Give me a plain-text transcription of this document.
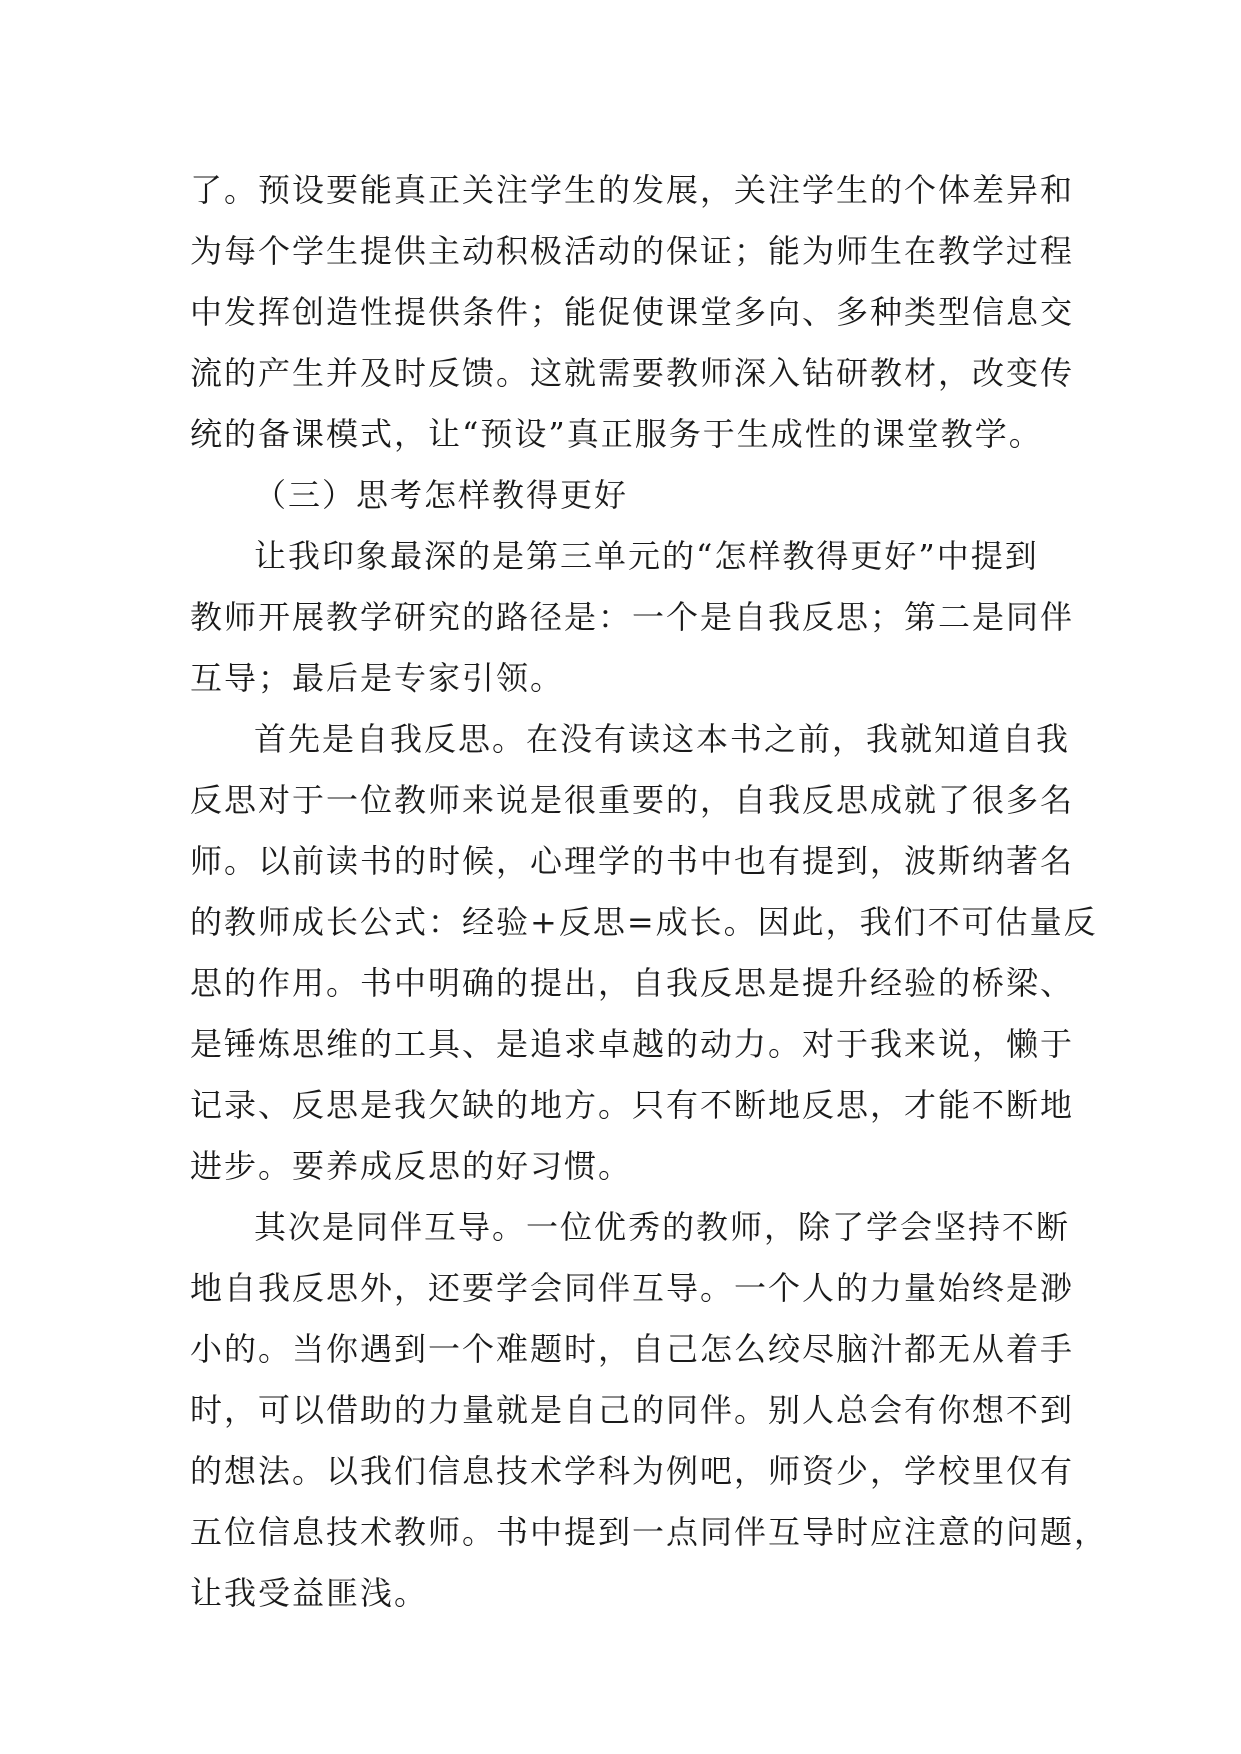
了。预设要能真正关注学生的发展，关注学生的个体差异和
为每个学生提供主动积极活动的保证；能为师生在教学过程
中发挥创造性提供条件；能促使课堂多向、多种类型信息交
流的产生并及时反馈。这就需要教师深入钻研教材，改变传
统的备课模式，让“预设”真正服务于生成性的课堂教学。
（三）思考怎样教得更好
让我印象最深的是第三单元的“怎样教得更好”中提到
教师开展教学研究的路径是：一个是自我反思；第二是同伴
互导；最后是专家引领。
首先是自我反思。在没有读这本书之前，我就知道自我
反思对于一位教师来说是很重要的，自我反思成就了很多名
师。以前读书的时候，心理学的书中也有提到，波斯纳著名
的教师成长公式：经验+反思=成长。因此，我们不可估量反
思的作用。书中明确的提出，自我反思是提升经验的桥梁、
是锤炼思维的工具、是追求卓越的动力。对于我来说，懒于
记录、反思是我欠缺的地方。只有不断地反思，才能不断地
进步。要养成反思的好习惯。
其次是同伴互导。一位优秀的教师，除了学会坚持不断
地自我反思外，还要学会同伴互导。一个人的力量始终是渺
小的。当你遇到一个难题时，自己怎么绞尽脑汁都无从着手
时，可以借助的力量就是自己的同伴。别人总会有你想不到
的想法。以我们信息技术学科为例吧，师资少，学校里仅有
五位信息技术教师。书中提到一点同伴互导时应注意的问题，
让我受益匪浅。
